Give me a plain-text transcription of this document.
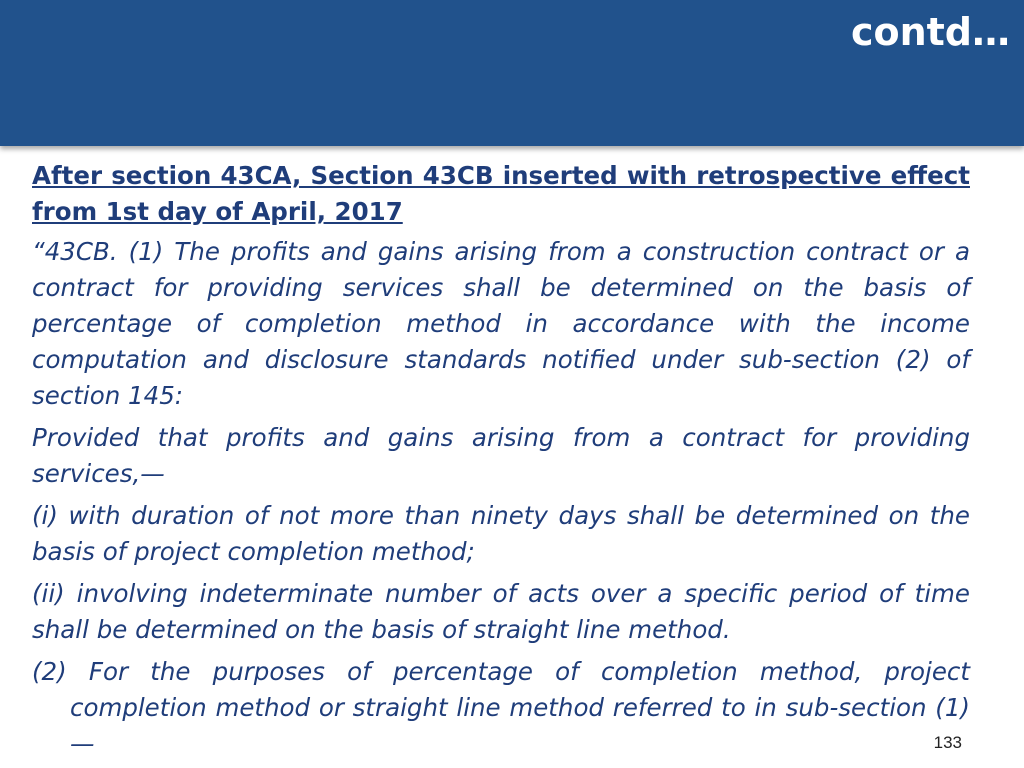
contd…

After section 43CA, Section 43CB inserted with retrospective effect from 1st day of April, 2017

“43CB. (1) The profits and gains arising from a construction contract or a contract for providing services shall be determined on the basis of percentage of completion method in accordance with the income computation and disclosure standards notified under sub-section (2) of section 145:

Provided that profits and gains arising from a contract for providing services,—

(i) with duration of not more than ninety days shall be determined on the basis of project completion method;

(ii) involving indeterminate number of acts over a specific period of time shall be determined on the basis of straight line method.

(2) For the purposes of percentage of completion method, project completion method or straight line method referred to in sub-section (1)—	133
